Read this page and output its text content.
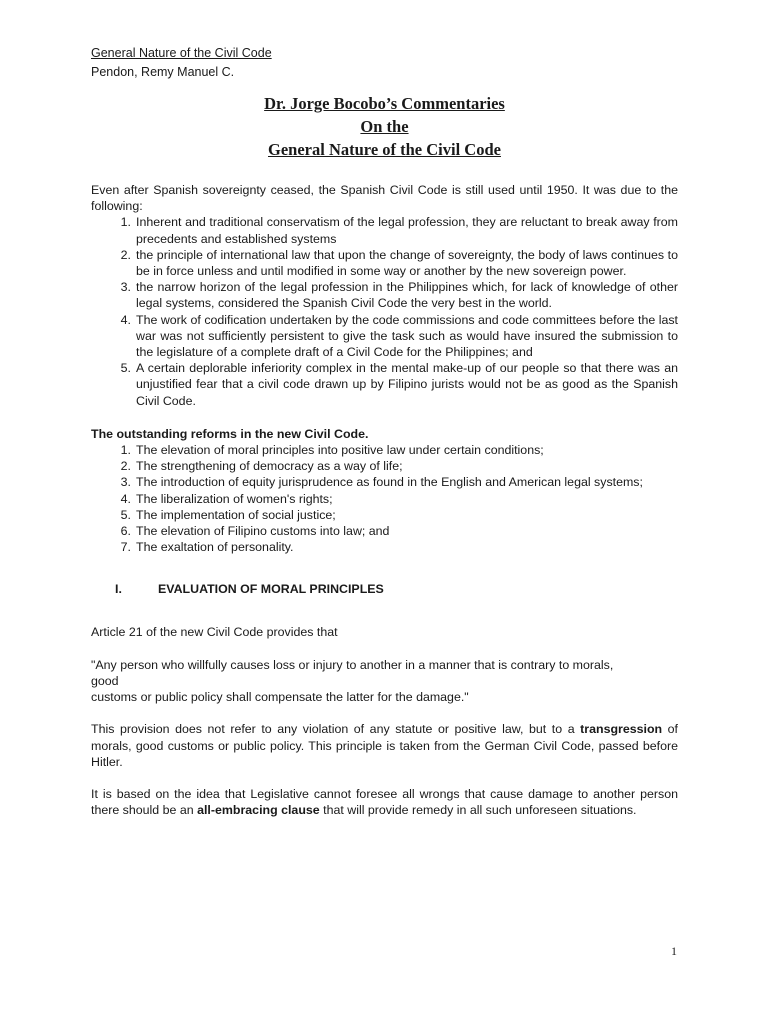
General Nature of the Civil Code
Pendon, Remy Manuel C.
Dr. Jorge Bocobo’s Commentaries
On the
General Nature of the Civil Code
Even after Spanish sovereignty ceased, the Spanish Civil Code is still used until 1950. It was due to the following:
1. Inherent and traditional conservatism of the legal profession, they are reluctant to break away from precedents and established systems
2. the principle of international law that upon the change of sovereignty, the body of laws continues to be in force unless and until modified in some way or another by the new sovereign power.
3. the narrow horizon of the legal profession in the Philippines which, for lack of knowledge of other legal systems, considered the Spanish Civil Code the very best in the world.
4. The work of codification undertaken by the code commissions and code committees before the last war was not sufficiently persistent to give the task such as would have insured the submission to the legislature of a complete draft of a Civil Code for the Philippines; and
5. A certain deplorable inferiority complex in the mental make-up of our people so that there was an unjustified fear that a civil code drawn up by Filipino jurists would not be as good as the Spanish Civil Code.
The outstanding reforms in the new Civil Code.
1. The elevation of moral principles into positive law under certain conditions;
2. The strengthening of democracy as a way of life;
3. The introduction of equity jurisprudence as found in the English and American legal systems;
4. The liberalization of women's rights;
5. The implementation of social justice;
6. The elevation of Filipino customs into law; and
7. The exaltation of personality.
I.	EVALUATION OF MORAL PRINCIPLES
Article 21 of the new Civil Code provides that
"Any person who willfully causes loss or injury to another in a manner that is contrary to morals,
good
customs or public policy shall compensate the latter for the damage."
This provision does not refer to any violation of any statute or positive law, but to a transgression of morals, good customs or public policy. This principle is taken from the German Civil Code, passed before Hitler.
It is based on the idea that Legislative cannot foresee all wrongs that cause damage to another person there should be an all-embracing clause that will provide remedy in all such unforeseen situations.
1
